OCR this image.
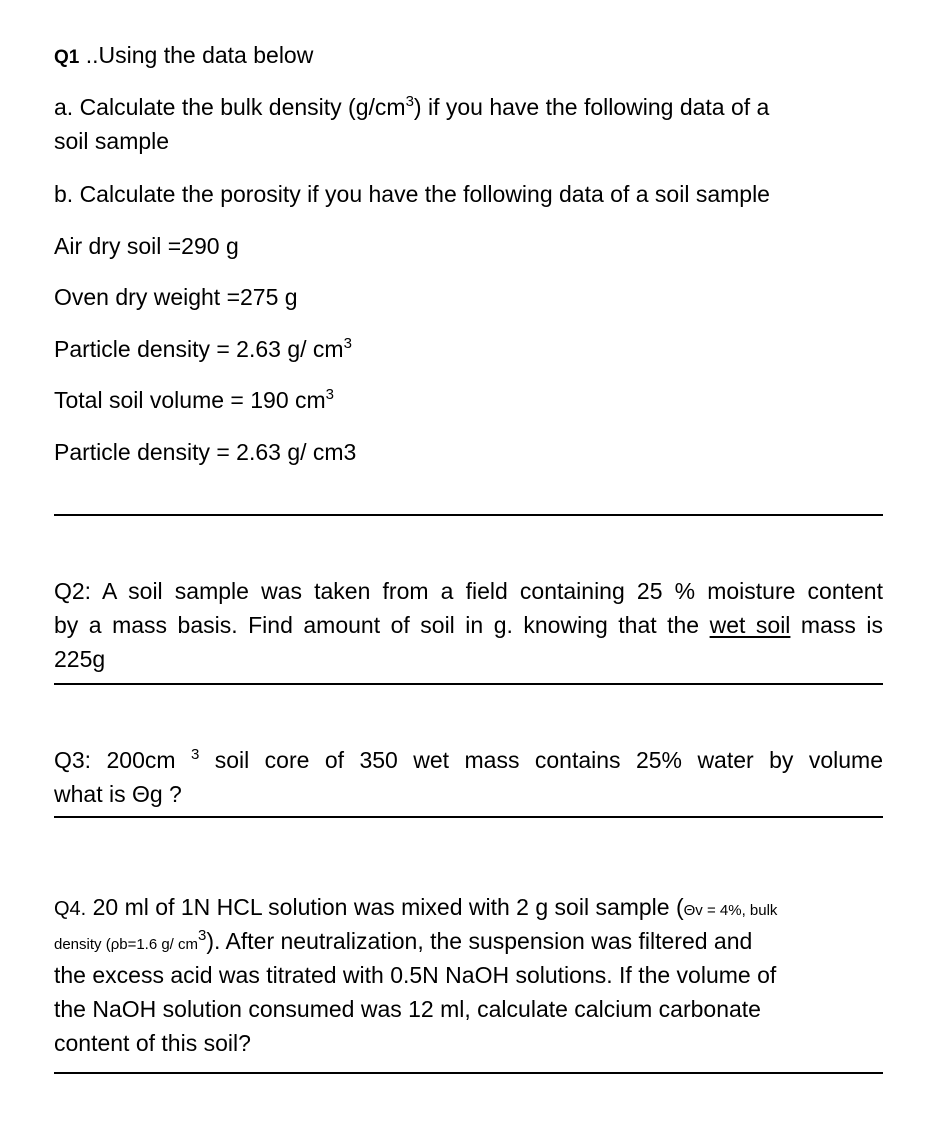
Q1 ..Using the data below
a. Calculate the bulk density $(g/cm^3)$ if you have the following data of a
soil sample
b. Calculate the porosity if you have the following data of a soil sample
Air dry soil =290 g
Oven dry weight =275 g
Particle density = 2.63 g/ $cm^3$
Total soil volume = 190 $cm^3$
Particle density = 2.63 g/ cm3
Q2: A soil sample was taken from a field containing 25 % moisture content
by a mass basis. Find amount of soil in g. knowing that the wet soil mass is
225g
Q3: 200cm $^3$ soil core of 350 wet mass contains 25% water by volume
what is Θg ?
Q4. 20 ml of 1N HCL solution was mixed with 2 g soil sample (Θv = 4%, bulk
density (ρb=1.6 g/ $cm^3$). After neutralization, the suspension was filtered and
the excess acid was titrated with 0.5N NaOH solutions. If the volume of
the NaOH solution consumed was 12 ml, calculate calcium carbonate
content of this soil?
